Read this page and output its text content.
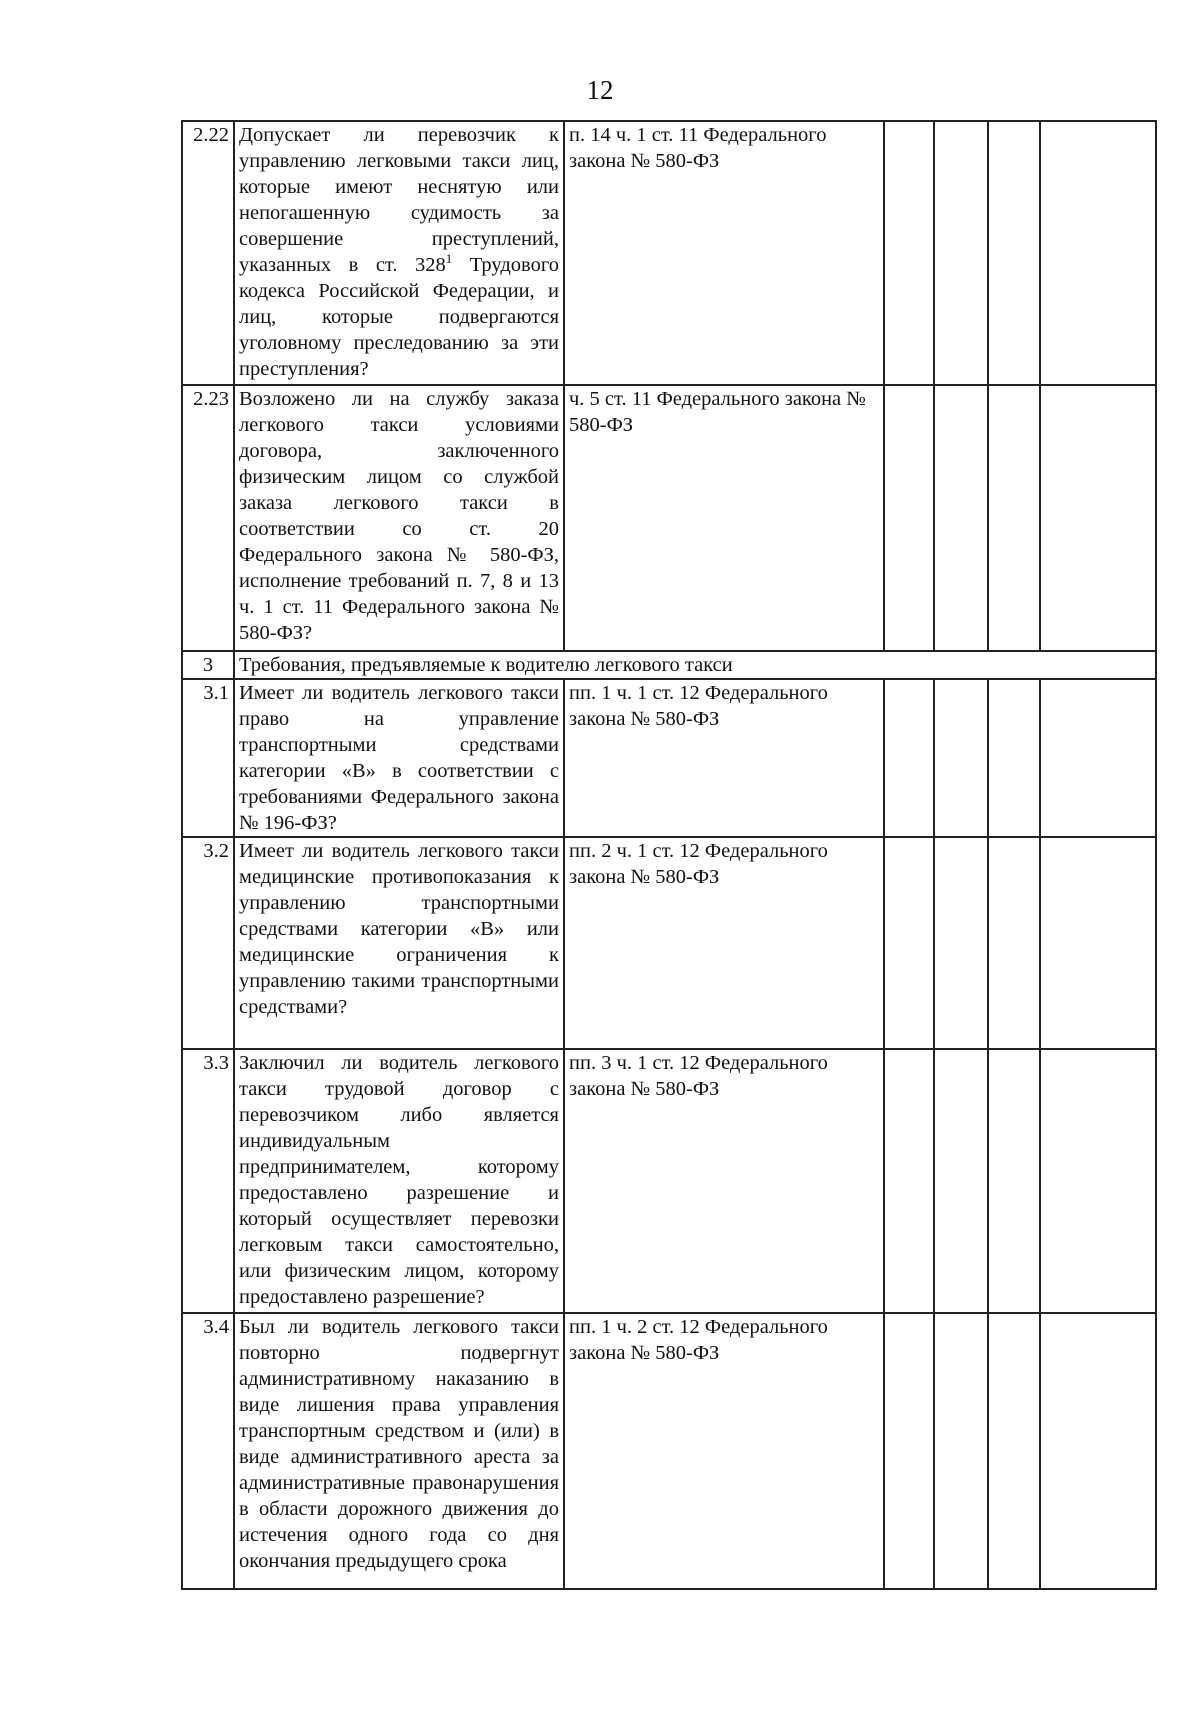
12
2.22	Допускает ли перевозчик к управлению легковыми такси лиц, которые имеют неснятую или непогашенную судимость за совершение преступлений, указанных в ст. $328^1$ Трудового кодекса Российской Федерации, и лиц, которые подвергаются уголовному преследованию за эти преступления?	п. 14 ч. 1 ст. 11 Федерального закона № 580-ФЗ				
2.23	Возложено ли на службу заказа легкового такси условиями договора, заключенного физическим лицом со службой заказа легкового такси в соответствии со ст. 20 Федерального закона № 580-ФЗ, исполнение требований п. 7, 8 и 13 ч. 1 ст. 11 Федерального закона № 580-ФЗ?	ч. 5 ст. 11 Федерального закона № 580-ФЗ				
3	Требования, предъявляемые к водителю легкового такси					
3.1	Имеет ли водитель легкового такси право на управление транспортными средствами категории «В» в соответствии с требованиями Федерального закона № 196-ФЗ?	пп. 1 ч. 1 ст. 12 Федерального закона № 580-ФЗ				
3.2	Имеет ли водитель легкового такси медицинские противопоказания к управлению транспортными средствами категории «В» или медицинские ограничения к управлению такими транспортными средствами?	пп. 2 ч. 1 ст. 12 Федерального закона № 580-ФЗ				
3.3	Заключил ли водитель легкового такси трудовой договор с перевозчиком либо является индивидуальным предпринимателем, которому предоставлено разрешение и который осуществляет перевозки легковым такси самостоятельно, или физическим лицом, которому предоставлено разрешение?	пп. 3 ч. 1 ст. 12 Федерального закона № 580-ФЗ				
3.4	Был ли водитель легкового такси повторно подвергнут административному наказанию в виде лишения права управления транспортным средством и (или) в виде административного ареста за административные правонарушения в области дорожного движения до истечения одного года со дня окончания предыдущего срока	пп. 1 ч. 2 ст. 12 Федерального закона № 580-ФЗ				
